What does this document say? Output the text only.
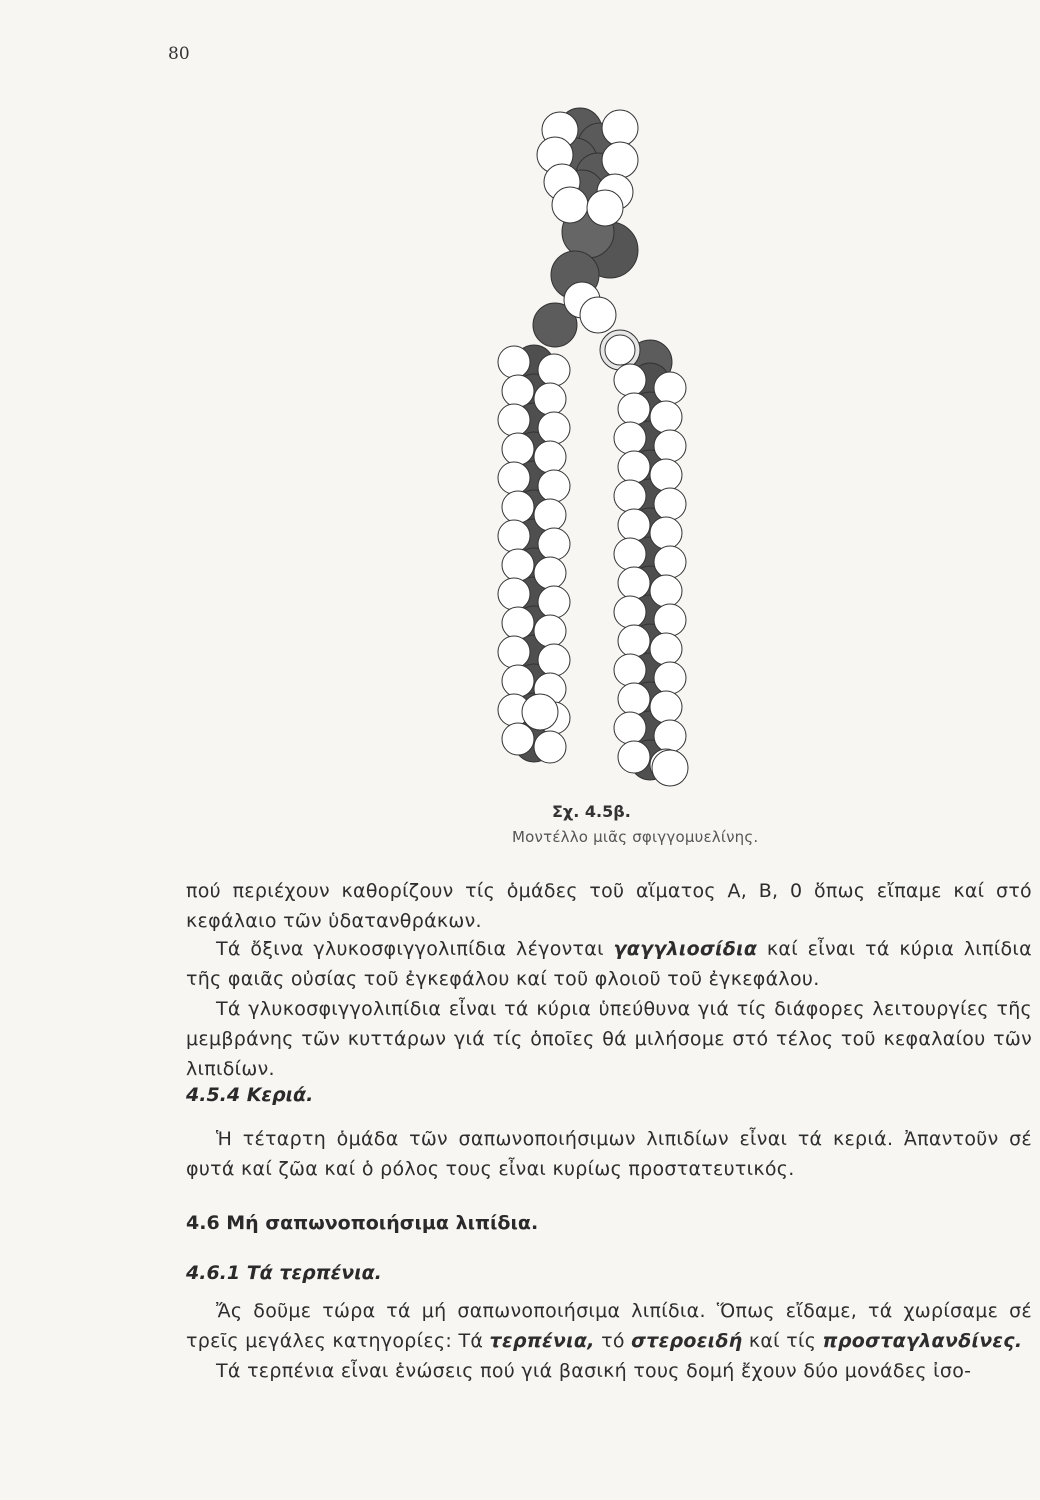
80
Σχ. 4.5β.
Μοντέλλο μιᾶς σφιγγομυελίνης.
πού περιέχουν καθορίζουν τίς ὁμάδες τοῦ αἵματος Α, Β, 0 ὅπως εἴπαμε καί στό κεφάλαιο τῶν ὑδατανθράκων.
Τά ὄξινα γλυκοσφιγγολιπίδια λέγονται γαγγλιοσίδια καί εἶναι τά κύρια λιπίδια τῆς φαιᾶς οὐσίας τοῦ ἐγκεφάλου καί τοῦ φλοιοῦ τοῦ ἐγκεφάλου.
Τά γλυκοσφιγγολιπίδια εἶναι τά κύρια ὑπεύθυνα γιά τίς διάφορες λειτουργίες τῆς μεμβράνης τῶν κυττάρων γιά τίς ὁποῖες θά μιλήσομε στό τέλος τοῦ κεφαλαίου τῶν λιπιδίων.
4.5.4 Κεριά.
Ἡ τέταρτη ὁμάδα τῶν σαπωνοποιήσιμων λιπιδίων εἶναι τά κεριά. Ἀπαντοῦν σέ φυτά καί ζῶα καί ὁ ρόλος τους εἶναι κυρίως προστατευτικός.
4.6 Μή σαπωνοποιήσιμα λιπίδια.
4.6.1 Τά τερπένια.
Ἄς δοῦμε τώρα τά μή σαπωνοποιήσιμα λιπίδια. Ὅπως εἴδαμε, τά χωρίσαμε σέ τρεῖς μεγάλες κατηγορίες: Τά τερπένια, τό στεροειδή καί τίς προσταγλανδίνες.
Τά τερπένια εἶναι ἑνώσεις πού γιά βασική τους δομή ἔχουν δύο μονάδες ἰσο-
